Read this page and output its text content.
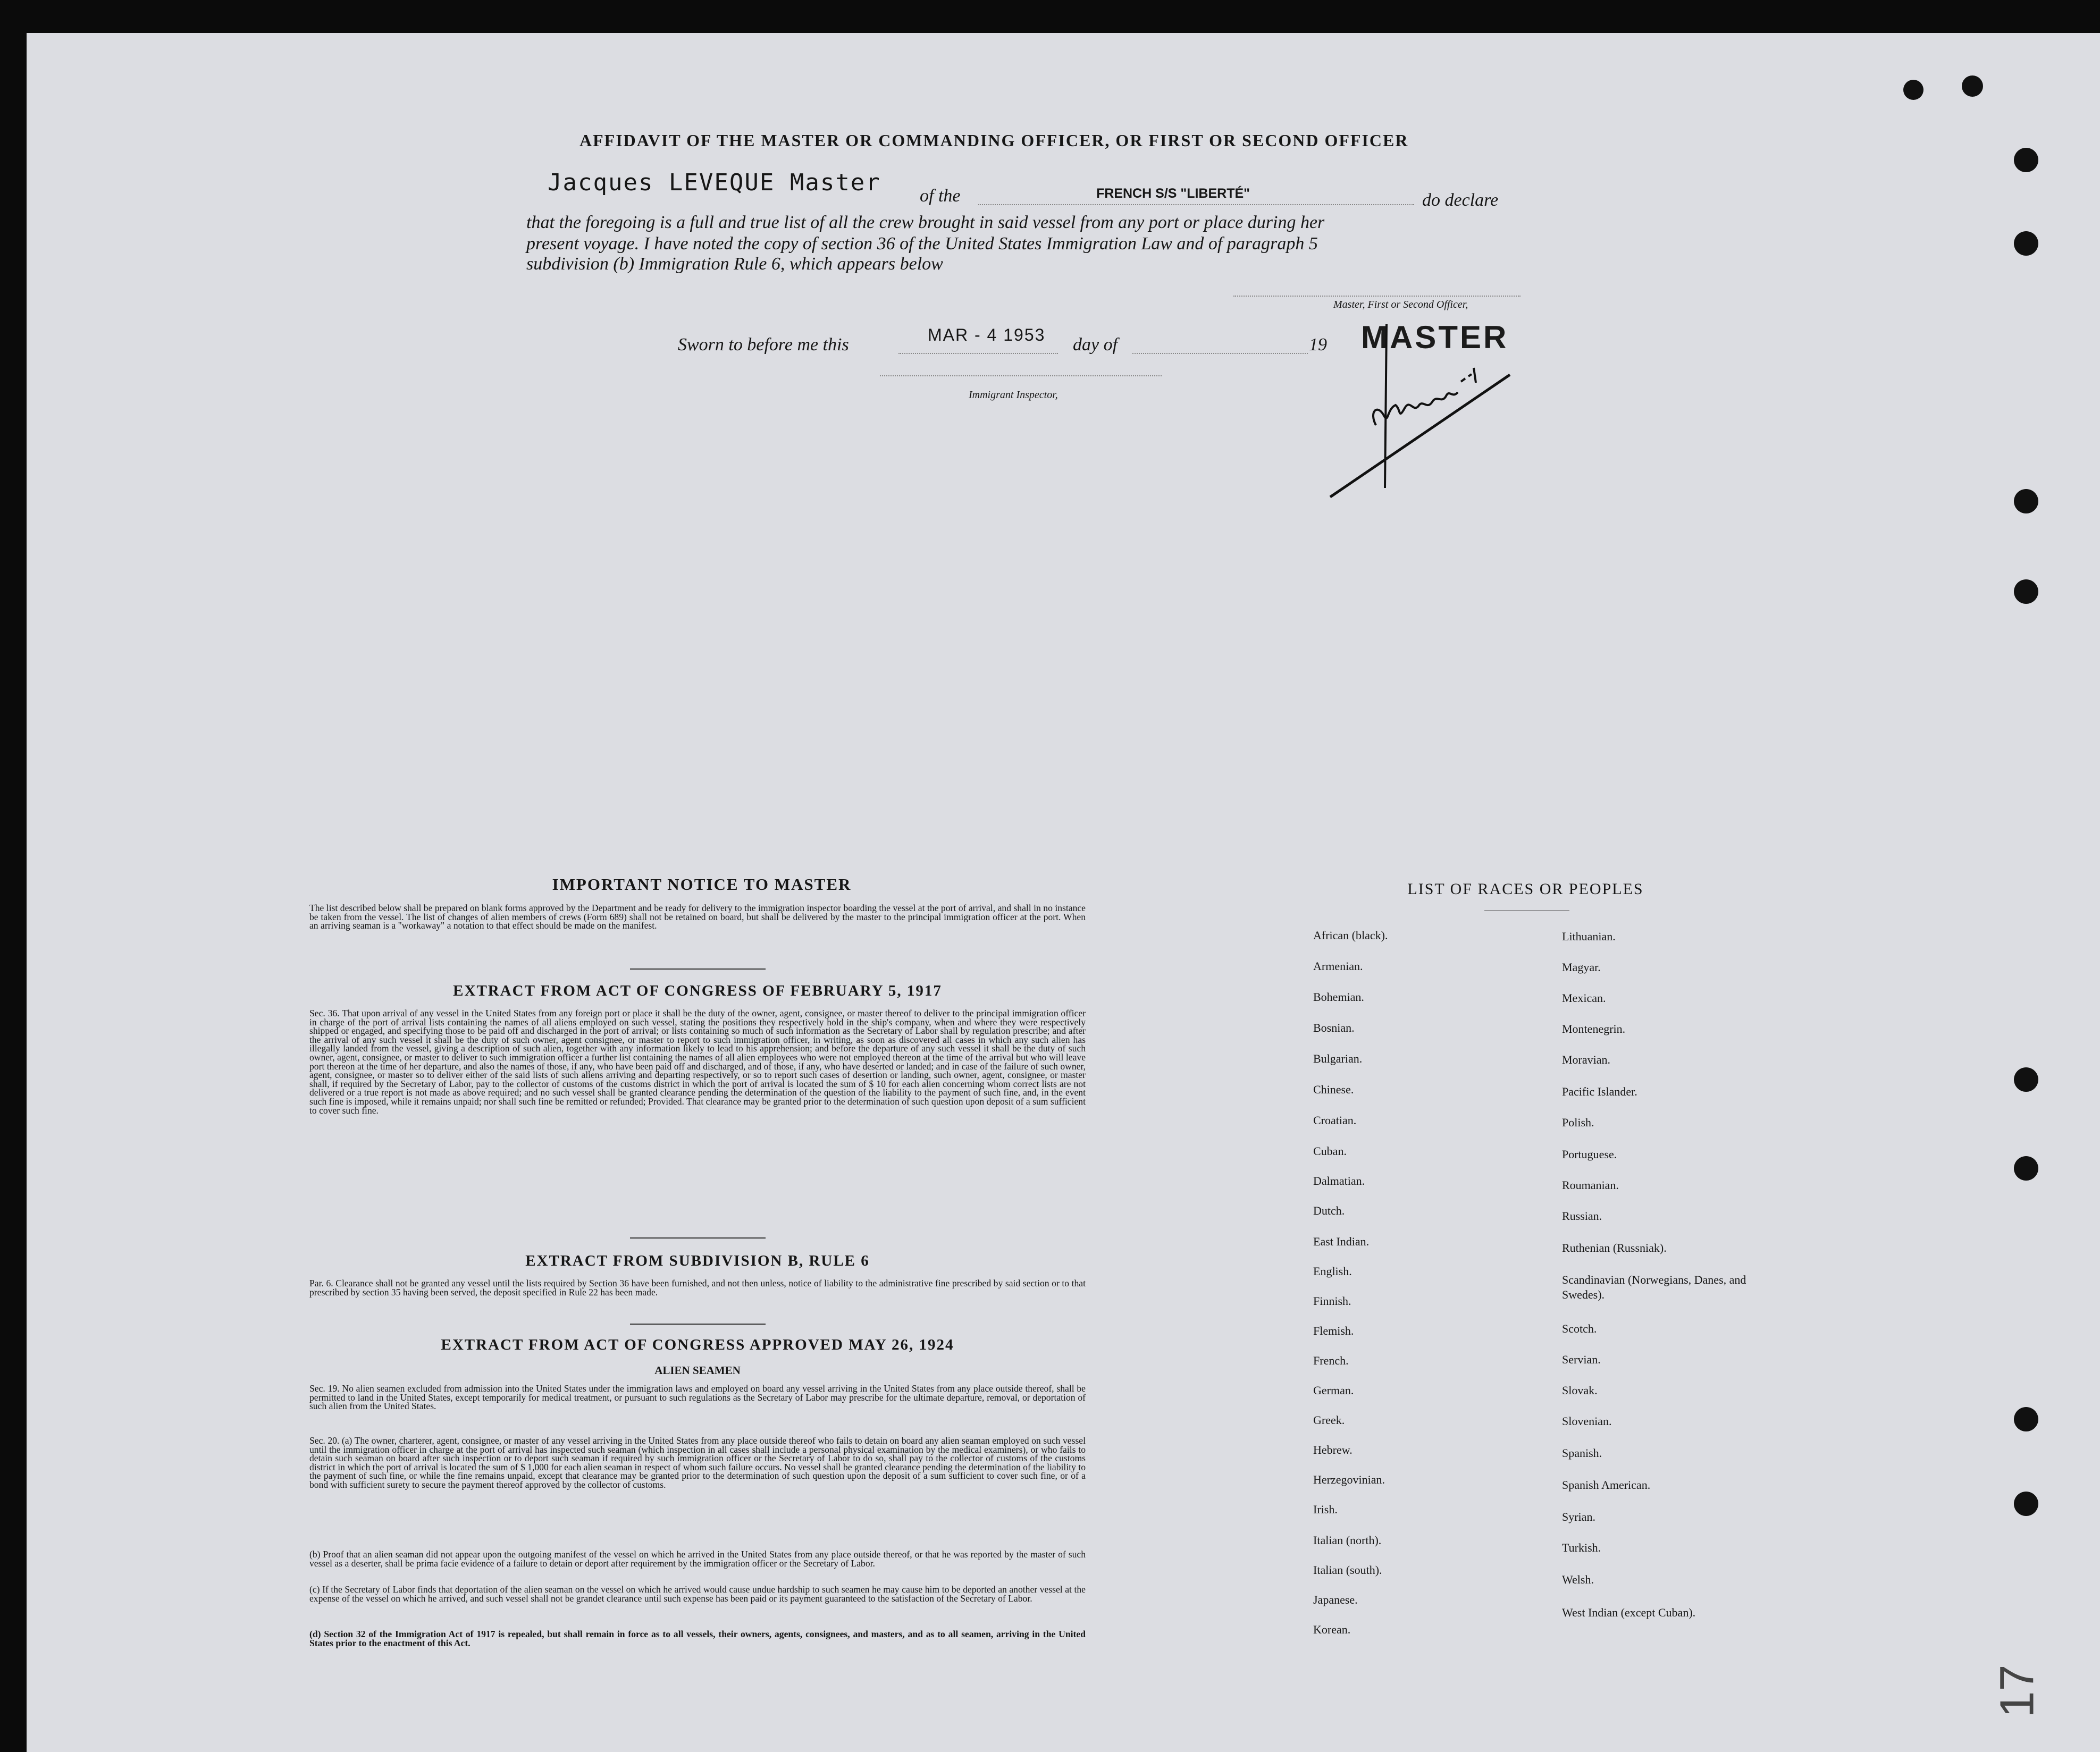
AFFIDAVIT OF THE MASTER OR COMMANDING OFFICER, OR FIRST OR SECOND OFFICER
Jacques LEVEQUE Master of the	FRENCH S/S "LIBERTÉ"	do declare
that the foregoing is a full and true list of all the crew brought in said vessel from any port or place during her
present voyage. I have noted the copy of section 36 of the United States Immigration Law and of paragraph 5
subdivision (b) Immigration Rule 6, which appears below
Master, First or Second Officer,
Sworn to before me this	MAR - 4 1953 day of	19 MASTER
Immigrant Inspector,
IMPORTANT NOTICE TO MASTER
The list described below shall be prepared on blank forms approved by the Department and be ready for delivery to the immigration inspector boarding the vessel at the port of arrival, and shall in no instance be taken from the vessel. The list of changes of alien members of crews (Form 689) shall not be retained on board, but shall be delivered by the master to the principal immigration officer at the port. When an arriving seaman is a "workaway" a notation to that effect should be made on the manifest.
EXTRACT FROM ACT OF CONGRESS OF FEBRUARY 5, 1917
Sec. 36. That upon arrival of any vessel in the United States from any foreign port or place it shall be the duty of the owner, agent, consignee, or master thereof to deliver to the principal immigration officer in charge of the port of arrival lists containing the names of all aliens employed on such vessel, stating the positions they respectively hold in the ship's company, when and where they were respectively shipped or engaged, and specifying those to be paid off and discharged in the port of arrival; or lists containing so much of such information as the Secretary of Labor shall by regulation prescribe; and after the arrival of any such vessel it shall be the duty of such owner, agent consignee, or master to report to such immigration officer, in writing, as soon as discovered all cases in which any such alien has illegally landed from the vessel, giving a description of such alien, together with any information likely to lead to his apprehension; and before the departure of any such vessel it shall be the duty of such owner, agent, consignee, or master to deliver to such immigration officer a further list containing the names of all alien employees who were not employed thereon at the time of the arrival but who will leave port thereon at the time of her departure, and also the names of those, if any, who have been paid off and discharged, and of those, if any, who have deserted or landed; and in case of the failure of such owner, agent, consignee, or master so to deliver either of the said lists of such aliens arriving and departing respectively, or so to report such cases of desertion or landing, such owner, agent, consignee, or master shall, if required by the Secretary of Labor, pay to the collector of customs of the customs district in which the port of arrival is located the sum of $ 10 for each alien concerning whom correct lists are not delivered or a true report is not made as above required; and no such vessel shall be granted clearance pending the determination of the question of the liability to the payment of such fine, and, in the event such fine is imposed, while it remains unpaid; nor shall such fine be remitted or refunded; Provided. That clearance may be granted prior to the determination of such question upon deposit of a sum sufficient to cover such fine.
EXTRACT FROM SUBDIVISION B, RULE 6
Par. 6. Clearance shall not be granted any vessel until the lists required by Section 36 have been furnished, and not then unless, notice of liability to the administrative fine prescribed by said section or to that prescribed by section 35 having been served, the deposit specified in Rule 22 has been made.
EXTRACT FROM ACT OF CONGRESS APPROVED MAY 26, 1924
ALIEN SEAMEN
Sec. 19. No alien seamen excluded from admission into the United States under the immigration laws and employed on board any vessel arriving in the United States from any place outside thereof, shall be permitted to land in the United States, except temporarily for medical treatment, or pursuant to such regulations as the Secretary of Labor may prescribe for the ultimate departure, removal, or deportation of such alien from the United States.
Sec. 20. (a) The owner, charterer, agent, consignee, or master of any vessel arriving in the United States from any place outside thereof who fails to detain on board any alien seaman employed on such vessel until the immigration officer in charge at the port of arrival has inspected such seaman (which inspection in all cases shall include a personal physical examination by the medical examiners), or who fails to detain such seaman on board after such inspection or to deport such seaman if required by such immigration officer or the Secretary of Labor to do so, shall pay to the collector of customs of the customs district in which the port of arrival is located the sum of $ 1,000 for each alien seaman in respect of whom such failure occurs. No vessel shall be granted clearance pending the determination of the liability to the payment of such fine, or while the fine remains unpaid, except that clearance may be granted prior to the determination of such question upon the deposit of a sum sufficient to cover such fine, or of a bond with sufficient surety to secure the payment thereof approved by the collector of customs.
(b) Proof that an alien seaman did not appear upon the outgoing manifest of the vessel on which he arrived in the United States from any place outside thereof, or that he was reported by the master of such vessel as a deserter, shall be prima facie evidence of a failure to detain or deport after requirement by the immigration officer or the Secretary of Labor.
(c) If the Secretary of Labor finds that deportation of the alien seaman on the vessel on which he arrived would cause undue hardship to such seamen he may cause him to be deported an another vessel at the expense of the vessel on which he arrived, and such vessel shall not be grandet clearance until such expense has been paid or its payment guaranteed to the satisfaction of the Secretary of Labor.
(d) Section 32 of the Immigration Act of 1917 is repealed, but shall remain in force as to all vessels, their owners, agents, consignees, and masters, and as to all seamen, arriving in the United States prior to the enactment of this Act.
LIST OF RACES OR PEOPLES
African (black).
Armenian.
Bohemian.
Bosnian.
Bulgarian.
Chinese.
Croatian.
Cuban.
Dalmatian.
Dutch.
East Indian.
English.
Finnish.
Flemish.
French.
German.
Greek.
Hebrew.
Herzegovinian.
Irish.
Italian (north).
Italian (south).
Japanese.
Korean.
Lithuanian.
Magyar.
Mexican.
Montenegrin.
Moravian.
Pacific Islander.
Polish.
Portuguese.
Roumanian.
Russian.
Ruthenian (Russniak).
Scandinavian (Norwegians, Danes, and Swedes).
Scotch.
Servian.
Slovak.
Slovenian.
Spanish.
Spanish American.
Syrian.
Turkish.
Welsh.
West Indian (except Cuban).
17
